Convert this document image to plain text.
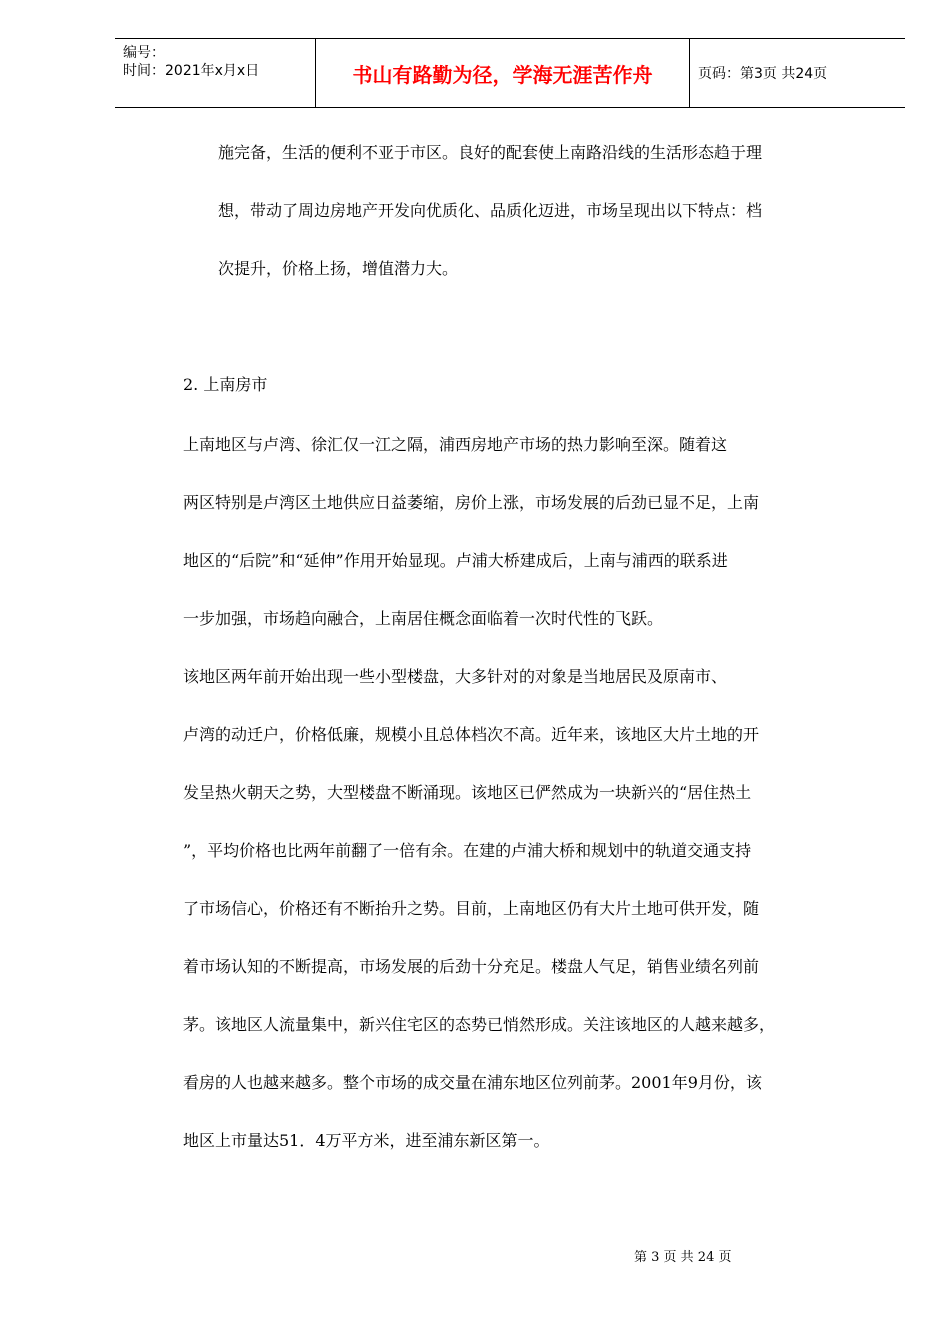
编号：
时间：2021年x月x日	书山有路勤为径，学海无涯苦作舟	页码：第3页 共24页
施完备，生活的便利不亚于市区。良好的配套使上南路沿线的生活形态趋于理
想，带动了周边房地产开发向优质化、品质化迈进，市场呈现出以下特点：档
次提升，价格上扬，增值潜力大。
2. 上南房市
上南地区与卢湾、徐汇仅一江之隔，浦西房地产市场的热力影响至深。随着这
两区特别是卢湾区土地供应日益萎缩，房价上涨，市场发展的后劲已显不足，上南
地区的“后院”和“延伸”作用开始显现。卢浦大桥建成后，上南与浦西的联系进
一步加强，市场趋向融合，上南居住概念面临着一次时代性的飞跃。
该地区两年前开始出现一些小型楼盘，大多针对的对象是当地居民及原南市、
卢湾的动迁户，价格低廉，规模小且总体档次不高。近年来，该地区大片土地的开
发呈热火朝天之势，大型楼盘不断涌现。该地区已俨然成为一块新兴的“居住热土
”，平均价格也比两年前翻了一倍有余。在建的卢浦大桥和规划中的轨道交通支持
了市场信心，价格还有不断抬升之势。目前，上南地区仍有大片土地可供开发，随
着市场认知的不断提高，市场发展的后劲十分充足。楼盘人气足，销售业绩名列前
茅。该地区人流量集中，新兴住宅区的态势已悄然形成。关注该地区的人越来越多，
看房的人也越来越多。整个市场的成交量在浦东地区位列前茅。2001年9月份，该
地区上市量达51．4万平方米，进至浦东新区第一。
第 3 页 共 24 页
